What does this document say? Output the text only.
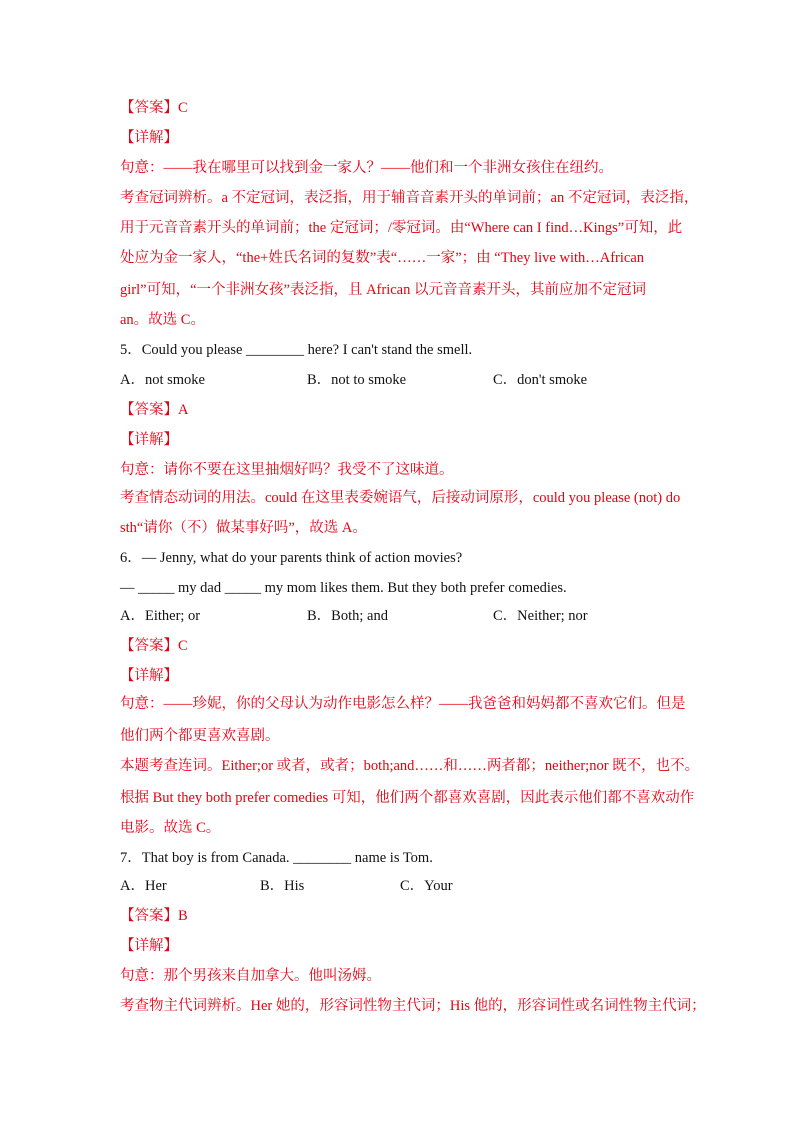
【答案】C
【详解】
句意：——我在哪里可以找到金一家人？——他们和一个非洲女孩住在纽约。
考查冠词辨析。a 不定冠词，表泛指，用于辅音音素开头的单词前；an 不定冠词，表泛指，
用于元音音素开头的单词前；the 定冠词；/零冠词。由“Where can I find…Kings”可知，此
处应为金一家人，“the+姓氏名词的复数”表“……一家”；由 “They live with…African
girl”可知，“一个非洲女孩”表泛指，且 African 以元音音素开头，其前应加不定冠词
an。故选 C。
5．Could you please ________ here? I can't stand the smell.
A．not smoke	B．not to smoke	C．don't smoke
【答案】A
【详解】
句意：请你不要在这里抽烟好吗？我受不了这味道。
考查情态动词的用法。could 在这里表委婉语气，后接动词原形，could you please (not) do
sth“请你（不）做某事好吗”，故选 A。
6．— Jenny, what do your parents think of action movies?
— _____ my dad _____ my mom likes them. But they both prefer comedies.
A．Either; or	B．Both; and	C．Neither; nor
【答案】C
【详解】
句意：——珍妮，你的父母认为动作电影怎么样？——我爸爸和妈妈都不喜欢它们。但是
他们两个都更喜欢喜剧。
本题考查连词。Either;or 或者，或者；both;and……和……两者都；neither;nor 既不，也不。
根据 But they both prefer comedies 可知，他们两个都喜欢喜剧，因此表示他们都不喜欢动作
电影。故选 C。
7．That boy is from Canada. ________ name is Tom.
A．Her	B．His	C．Your
【答案】B
【详解】
句意：那个男孩来自加拿大。他叫汤姆。
考查物主代词辨析。Her 她的，形容词性物主代词；His 他的，形容词性或名词性物主代词；
